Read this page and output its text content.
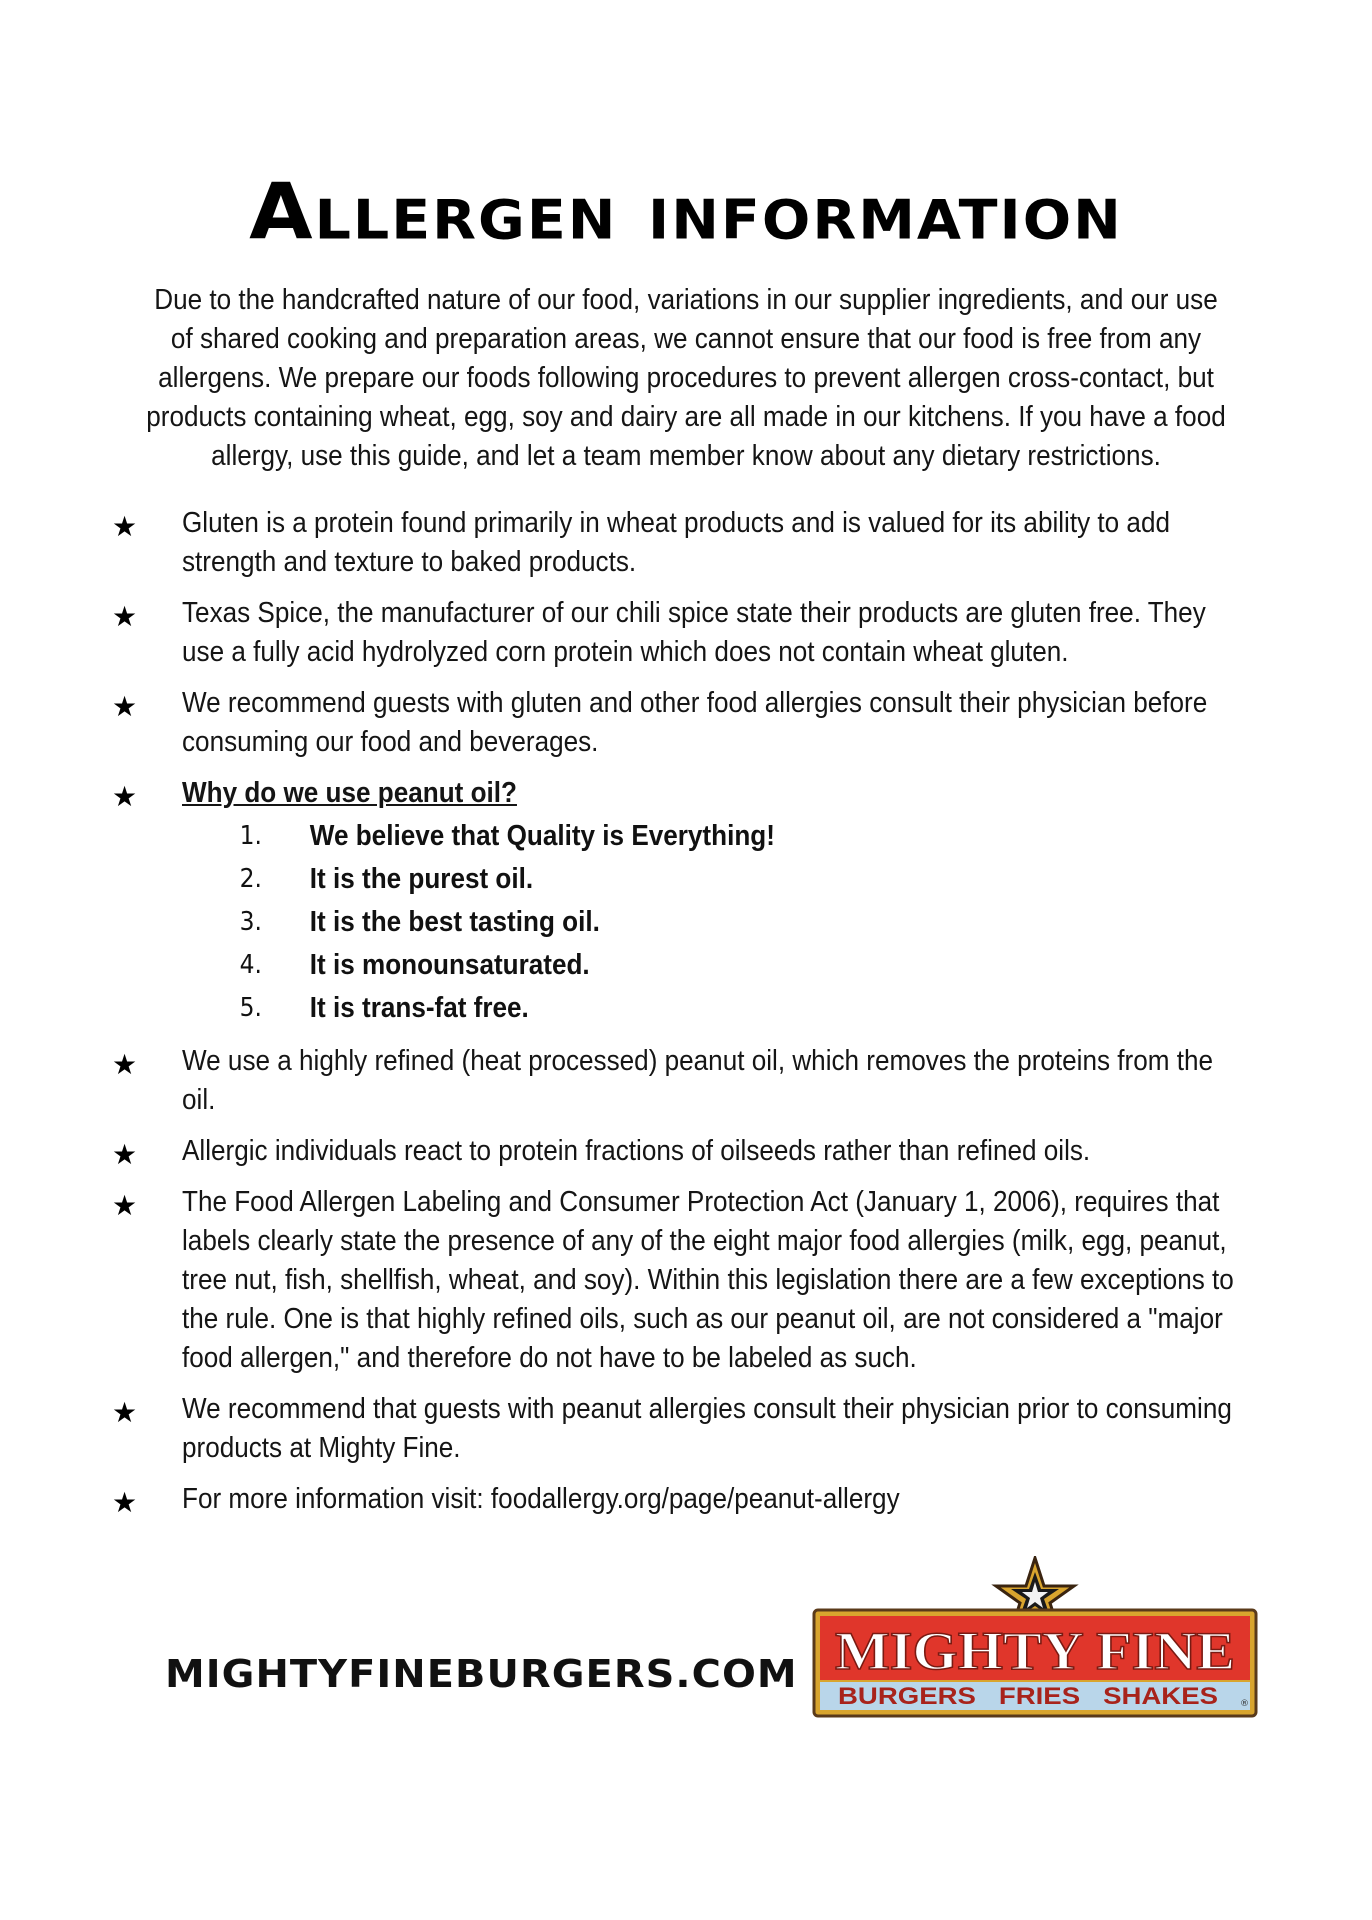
Allergen information

Due to the handcrafted nature of our food, variations in our supplier ingredients, and our use of shared cooking and preparation areas, we cannot ensure that our food is free from any allergens. We prepare our foods following procedures to prevent allergen cross-contact, but products containing wheat, egg, soy and dairy are all made in our kitchens. If you have a food allergy, use this guide, and let a team member know about any dietary restrictions.

★ Gluten is a protein found primarily in wheat products and is valued for its ability to add strength and texture to baked products.
★ Texas Spice, the manufacturer of our chili spice state their products are gluten free. They use a fully acid hydrolyzed corn protein which does not contain wheat gluten.
★ We recommend guests with gluten and other food allergies consult their physician before consuming our food and beverages.
★ Why do we use peanut oil?
1. We believe that Quality is Everything!
2. It is the purest oil.
3. It is the best tasting oil.
4. It is monounsaturated.
5. It is trans-fat free.
★ We use a highly refined (heat processed) peanut oil, which removes the proteins from the oil.
★ Allergic individuals react to protein fractions of oilseeds rather than refined oils.
★ The Food Allergen Labeling and Consumer Protection Act (January 1, 2006), requires that labels clearly state the presence of any of the eight major food allergies (milk, egg, peanut, tree nut, fish, shellfish, wheat, and soy). Within this legislation there are a few exceptions to the rule. One is that highly refined oils, such as our peanut oil, are not considered a "major food allergen," and therefore do not have to be labeled as such.
★ We recommend that guests with peanut allergies consult their physician prior to consuming products at Mighty Fine.
★ For more information visit: foodallergy.org/page/peanut-allergy
MIGHTYFINEBURGERS.COM MIGHTY FINE
BURGERS   FRIES   SHAKES ®
